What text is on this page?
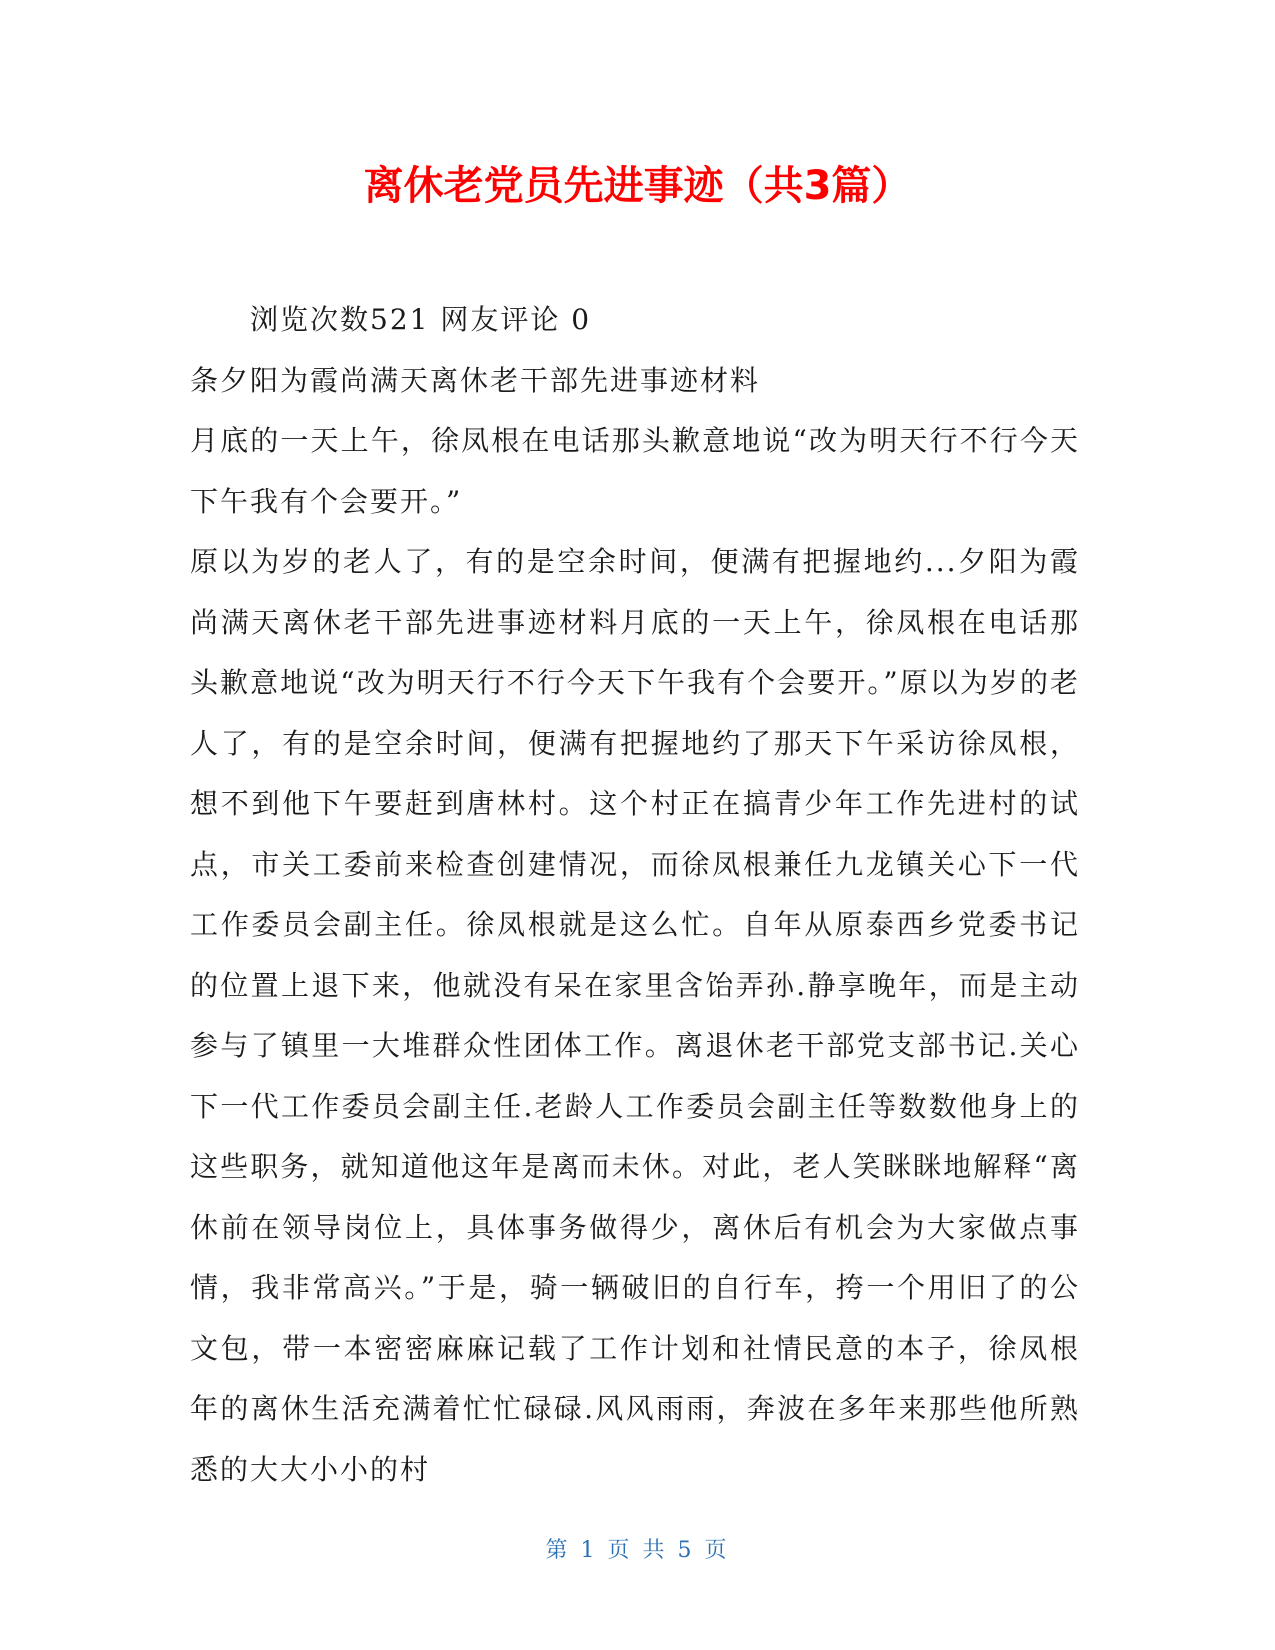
离休老党员先进事迹（共3篇）

浏览次数521 网友评论 0

条夕阳为霞尚满天离休老干部先进事迹材料

月底的一天上午，徐凤根在电话那头歉意地说“改为明天行不行今天下午我有个会要开。”

原以为岁的老人了，有的是空余时间，便满有把握地约...夕阳为霞尚满天离休老干部先进事迹材料月底的一天上午，徐凤根在电话那头歉意地说“改为明天行不行今天下午我有个会要开。”原以为岁的老人了，有的是空余时间，便满有把握地约了那天下午采访徐凤根，想不到他下午要赶到唐林村。这个村正在搞青少年工作先进村的试点，市关工委前来检查创建情况，而徐凤根兼任九龙镇关心下一代工作委员会副主任。徐凤根就是这么忙。自年从原泰西乡党委书记的位置上退下来，他就没有呆在家里含饴弄孙.静享晚年，而是主动参与了镇里一大堆群众性团体工作。离退休老干部党支部书记.关心下一代工作委员会副主任.老龄人工作委员会副主任等数数他身上的这些职务，就知道他这年是离而未休。对此，老人笑眯眯地解释“离休前在领导岗位上，具体事务做得少，离休后有机会为大家做点事情，我非常高兴。”于是，骑一辆破旧的自行车，挎一个用旧了的公文包，带一本密密麻麻记载了工作计划和社情民意的本子，徐凤根年的离休生活充满着忙忙碌碌.风风雨雨，奔波在多年来那些他所熟悉的大大小小的村

第 1 页 共 5 页
